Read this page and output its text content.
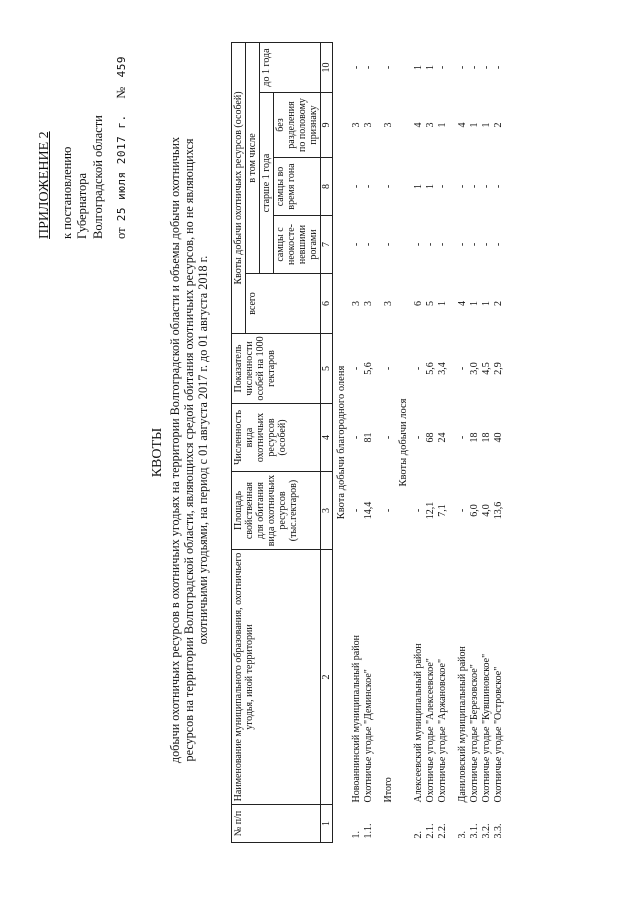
ПРИЛОЖЕНИЕ 2 к постановлению Губернатора Волгоградской области от  25 июля 2017 г.     №   459
КВОТЫ добычи охотничьих ресурсов в охотничьих угодьях на территории Волгоградской области и объемы добычи охотничьих ресурсов на территории Волгоградской области, являющихся средой обитания охотничьих ресурсов, но не являющихся охотничьими угодьями, на период с 01 августа 2017 г. до 01 августа 2018 г.
№ п/п	Наименование муниципального образования, охотничьего угодья, иной территории	Площадь свойственная для обитания вида охотничьих ресурсов (тыс.гектаров)	Численность вида охотничьих ресурсов (особей)	Показатель численности особей на 1000 гектаров	Квоты добычи охотничьих ресурсов (особей)				
					всего	в том числе			
						старше 1 года			до 1 года
						самцы с неокосте-невшими рогами	самцы во время гона	без разделения по половому признаку	
1	2	3	4	5	6	7	8	9	10
Квота добычи благородного оленя									
1.	Новоаннинский муниципальный район	-	-	-	3	-	-	3	-
1.1.	Охотничье угодье "Деминское"	14,4	81	5,6	3	-	-	3	-

	Итого	-	-	-	3	-	-	3	-
Квоты добычи лося									
2.	Алексеевский муниципальный район	-	-	-	6	-	1	4	1
2.1.	Охотничье угодье "Алексеевское"	12,1	68	5,6	5	-	1	3	1
2.2.	Охотничье угодье "Аржановское"	7,1	24	3,4	1	-	-	1	-

3.	Даниловский муниципальный район	-	-	-	4	-	-	4	-
3.1.	Охотничье угодье "Березовское"	6,0	18	3,0	1	-	-	1	-
3.2.	Охотничье угодье "Кувшиновское"	4,0	18	4,5	1	-	-	1	-
3.3.	Охотничье угодье "Островское"	13,6	40	2,9	2	-	-	2	-
